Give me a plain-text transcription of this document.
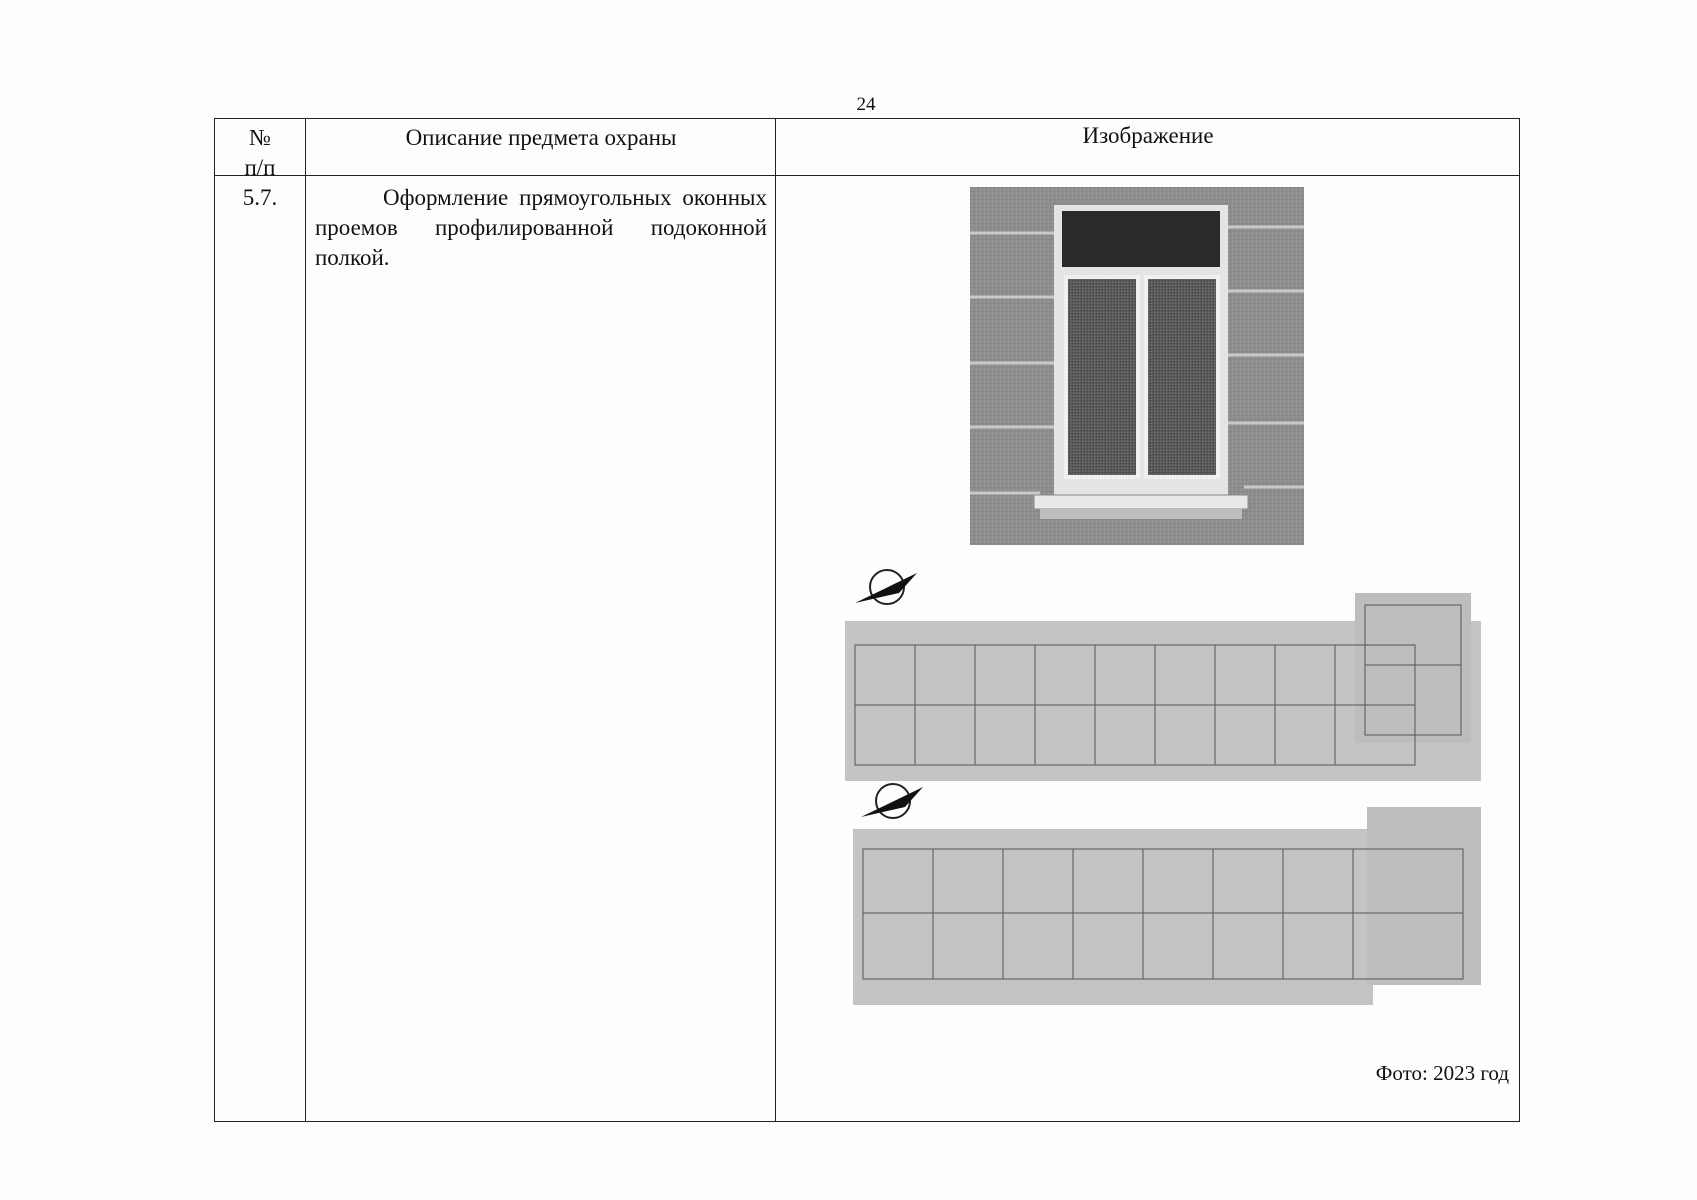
24
№
п/п
Описание предмета охраны	Изображение
5.7.	Оформление прямоугольных оконных проемов профилированной подоконной полкой.
Фото: 2023 год
